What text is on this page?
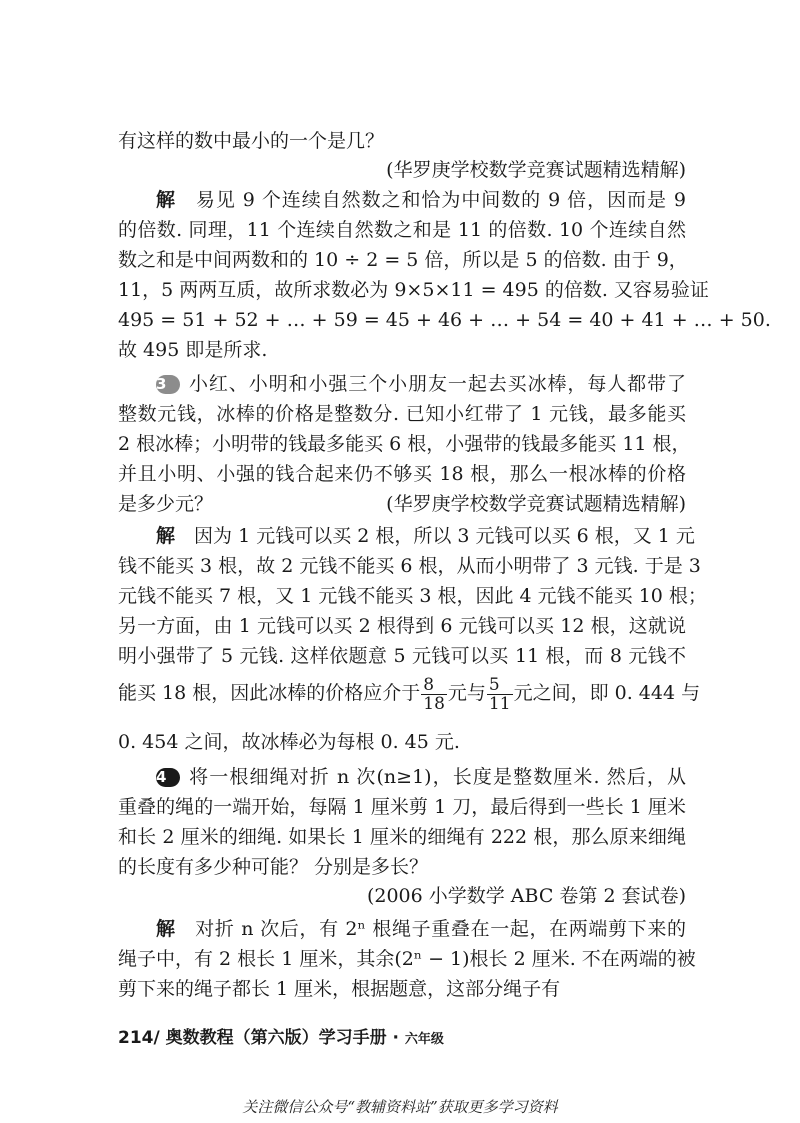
有这样的数中最小的一个是几？
(华罗庚学校数学竞赛试题精选精解)
解　 易见 9 个连续自然数之和恰为中间数的 9 倍，因而是 9
的倍数. 同理，11 个连续自然数之和是 11 的倍数. 10 个连续自然
数之和是中间两数和的 10 ÷ 2 = 5 倍，所以是 5 的倍数. 由于 9，
11，5 两两互质，故所求数必为 9×5×11 = 495 的倍数. 又容易验证
495 = 51 + 52 + … + 59 = 45 + 46 + … + 54 = 40 + 41 + … + 50.
故 495 即是所求.
3 小红、小明和小强三个小朋友一起去买冰棒，每人都带了
整数元钱，冰棒的价格是整数分. 已知小红带了 1 元钱，最多能买
2 根冰棒；小明带的钱最多能买 6 根，小强带的钱最多能买 11 根，
并且小明、小强的钱合起来仍不够买 18 根，那么一根冰棒的价格
是多少元？	(华罗庚学校数学竞赛试题精选精解)
解　 因为 1 元钱可以买 2 根，所以 3 元钱可以买 6 根，又 1 元
钱不能买 3 根，故 2 元钱不能买 6 根，从而小明带了 3 元钱. 于是 3
元钱不能买 7 根，又 1 元钱不能买 3 根，因此 4 元钱不能买 10 根；
另一方面，由 1 元钱可以买 2 根得到 6 元钱可以买 12 根，这就说
明小强带了 5 元钱. 这样依题意 5 元钱可以买 11 根，而 8 元钱不
能买 18 根，因此冰棒的价格应介于 $\frac{8}{18}$ 元与 $\frac{5}{11}$ 元之间，即 0. 444 与
0. 454 之间，故冰棒必为每根 0. 45 元.
4 将一根细绳对折 n 次(n≥1)，长度是整数厘米. 然后，从
重叠的绳的一端开始，每隔 1 厘米剪 1 刀，最后得到一些长 1 厘米
和长 2 厘米的细绳. 如果长 1 厘米的细绳有 222 根，那么原来细绳
的长度有多少种可能？ 分别是多长？
(2006 小学数学 ABC 卷第 2 套试卷)
解　 对折 n 次后，有 2ⁿ 根绳子重叠在一起，在两端剪下来的
绳子中，有 2 根长 1 厘米，其余(2ⁿ − 1)根长 2 厘米. 不在两端的被
剪下来的绳子都长 1 厘米，根据题意，这部分绳子有
214/ 奥数教程（第六版）学习手册 · 六年级
关注微信公众号“教辅资料站”获取更多学习资料
